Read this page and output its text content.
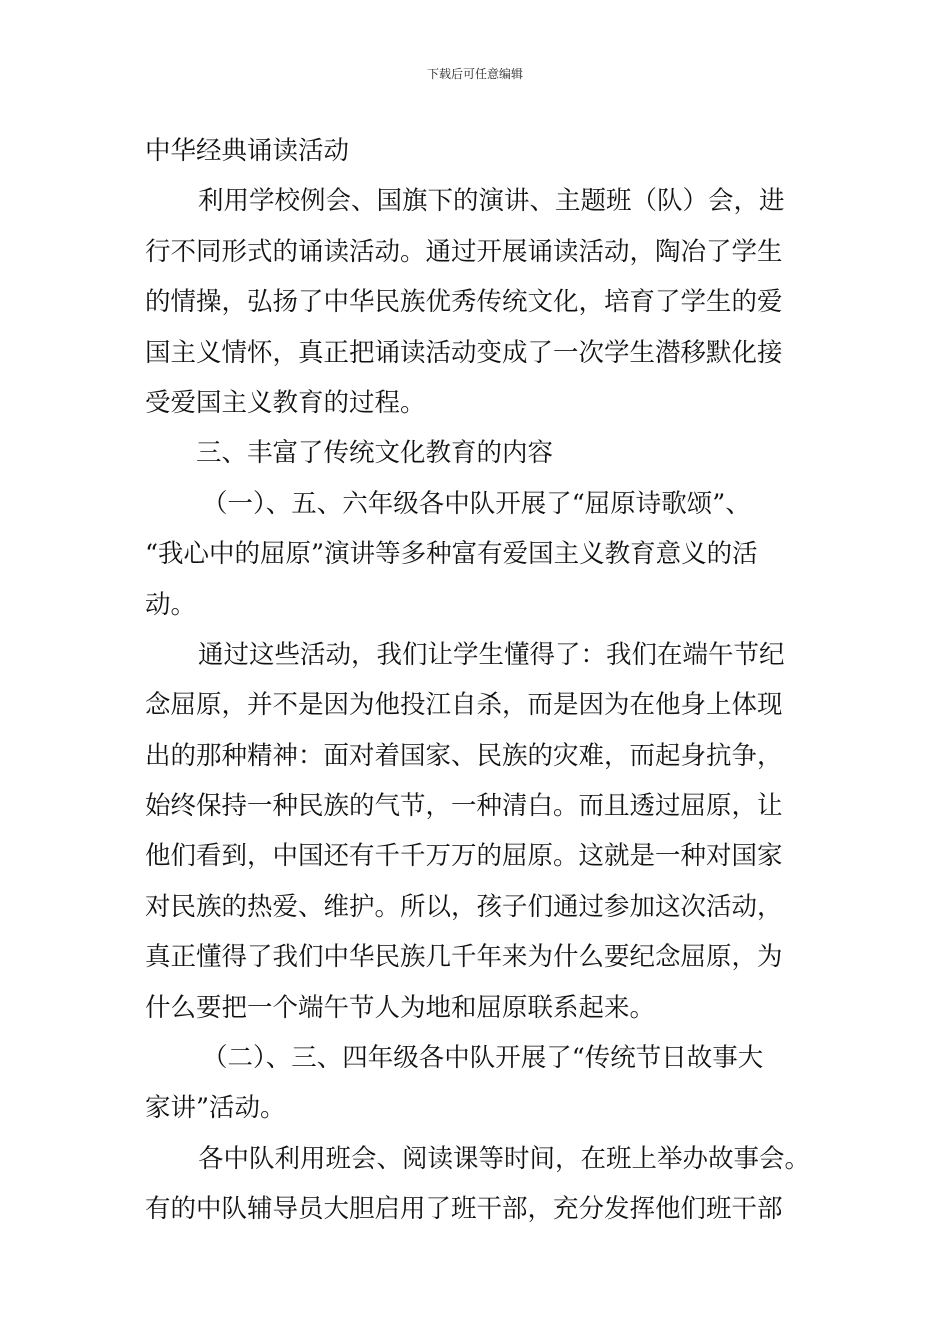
下载后可任意编辑
中华经典诵读活动
利用学校例会、国旗下的演讲、主题班（队）会，进
行不同形式的诵读活动。通过开展诵读活动，陶冶了学生
的情操，弘扬了中华民族优秀传统文化，培育了学生的爱
国主义情怀，真正把诵读活动变成了一次学生潜移默化接
受爱国主义教育的过程。
三、丰富了传统文化教育的内容
（一）、五、六年级各中队开展了“屈原诗歌颂”、
“我心中的屈原”演讲等多种富有爱国主义教育意义的活
动。
通过这些活动，我们让学生懂得了：我们在端午节纪
念屈原，并不是因为他投江自杀，而是因为在他身上体现
出的那种精神：面对着国家、民族的灾难，而起身抗争，
始终保持一种民族的气节，一种清白。而且透过屈原，让
他们看到，中国还有千千万万的屈原。这就是一种对国家
对民族的热爱、维护。所以，孩子们通过参加这次活动，
真正懂得了我们中华民族几千年来为什么要纪念屈原，为
什么要把一个端午节人为地和屈原联系起来。
（二）、三、四年级各中队开展了“传统节日故事大
家讲”活动。
各中队利用班会、阅读课等时间，在班上举办故事会。
有的中队辅导员大胆启用了班干部，充分发挥他们班干部
